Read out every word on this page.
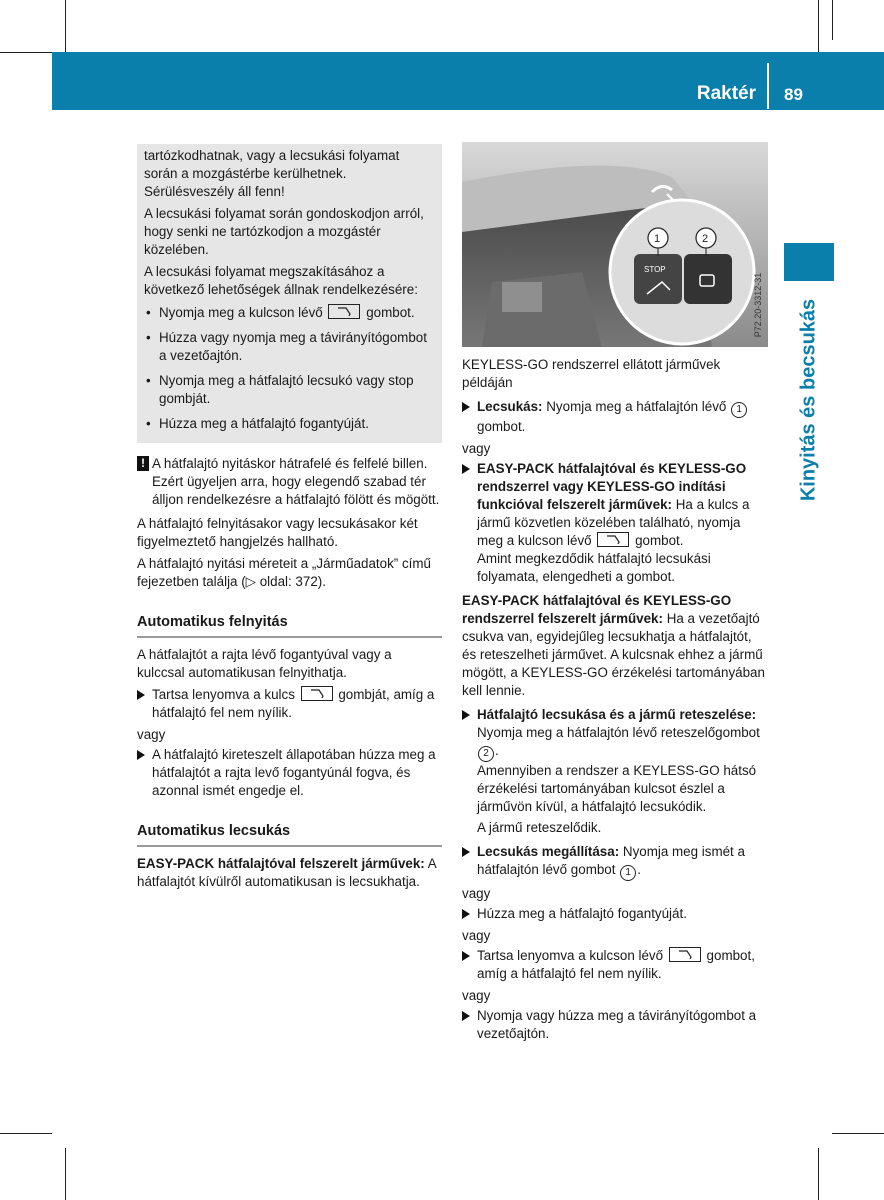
Raktér 89
Kinyitás és becsukás

tartózkodhatnak, vagy a lecsukási folyamat során a mozgástérbe kerülhetnek. Sérülésveszély áll fenn!

A lecsukási folyamat során gondoskodjon arról, hogy senki ne tartózkodjon a mozgástér közelében.

A lecsukási folyamat megszakításához a következő lehetőségek állnak rendelkezésére:

• Nyomja meg a kulcson lévő	gombot.
• Húzza vagy nyomja meg a távirányítógombot a vezetőajtón.
• Nyomja meg a hátfalajtó lecsukó vagy stop gombját.
• Húzza meg a hátfalajtó fogantyúját.
! A hátfalajtó nyitáskor hátrafelé és felfelé billen. Ezért ügyeljen arra, hogy elegendő szabad tér álljon rendelkezésre a hátfalajtó fölött és mögött.

A hátfalajtó felnyitásakor vagy lecsukásakor két figyelmeztető hangjelzés hallható.

A hátfalajtó nyitási méreteit a „Járműadatok” című fejezetben találja (▷ oldal: 372).

Automatikus felnyitás

A hátfalajtót a rajta lévő fogantyúval vagy a kulccsal automatikusan felnyithatja.

Tartsa lenyomva a kulcs	gombját, amíg a hátfalajtó fel nem nyílik.
vagy
A hátfalajtó kireteszelt állapotában húzza meg a hátfalajtót a rajta levő fogantyúnál fogva, és azonnal ismét engedje el.
Automatikus lecsukás

EASY-PACK hátfalajtóval felszerelt járművek: A hátfalajtót kívülről automatikusan is lecsukhatja.

STOP
1	2
P72.20-3312-31

KEYLESS-GO rendszerrel ellátott járművek példáján

Lecsukás: Nyomja meg a hátfalajtón lévő 1 gombot.
vagy
EASY-PACK hátfalajtóval és KEYLESS-GO rendszerrel vagy KEYLESS-GO indítási funkcióval felszerelt járművek: Ha a kulcs a jármű közvetlen közelében található, nyomja meg a kulcson lévő	gombot.
Amint megkezdődik hátfalajtó lecsukási folyamata, elengedheti a gombot.

EASY-PACK hátfalajtóval és KEYLESS-GO rendszerrel felszerelt járművek: Ha a vezetőajtó csukva van, egyidejűleg lecsukhatja a hátfalajtót, és reteszelheti járművet. A kulcsnak ehhez a jármű mögött, a KEYLESS-GO érzékelési tartományában kell lennie.

Hátfalajtó lecsukása és a jármű reteszelése: Nyomja meg a hátfalajtón lévő reteszelőgombot 2 .
Amennyiben a rendszer a KEYLESS-GO hátsó érzékelési tartományában kulcsot észlel a járművön kívül, a hátfalajtó lecsukódik.
A jármű reteszelődik.
Lecsukás megállítása: Nyomja meg ismét a hátfalajtón lévő gombot 1 .
vagy
Húzza meg a hátfalajtó fogantyúját.
vagy
Tartsa lenyomva a kulcson lévő	gombot, amíg a hátfalajtó fel nem nyílik.
vagy
Nyomja vagy húzza meg a távirányítógombot a vezetőajtón.
